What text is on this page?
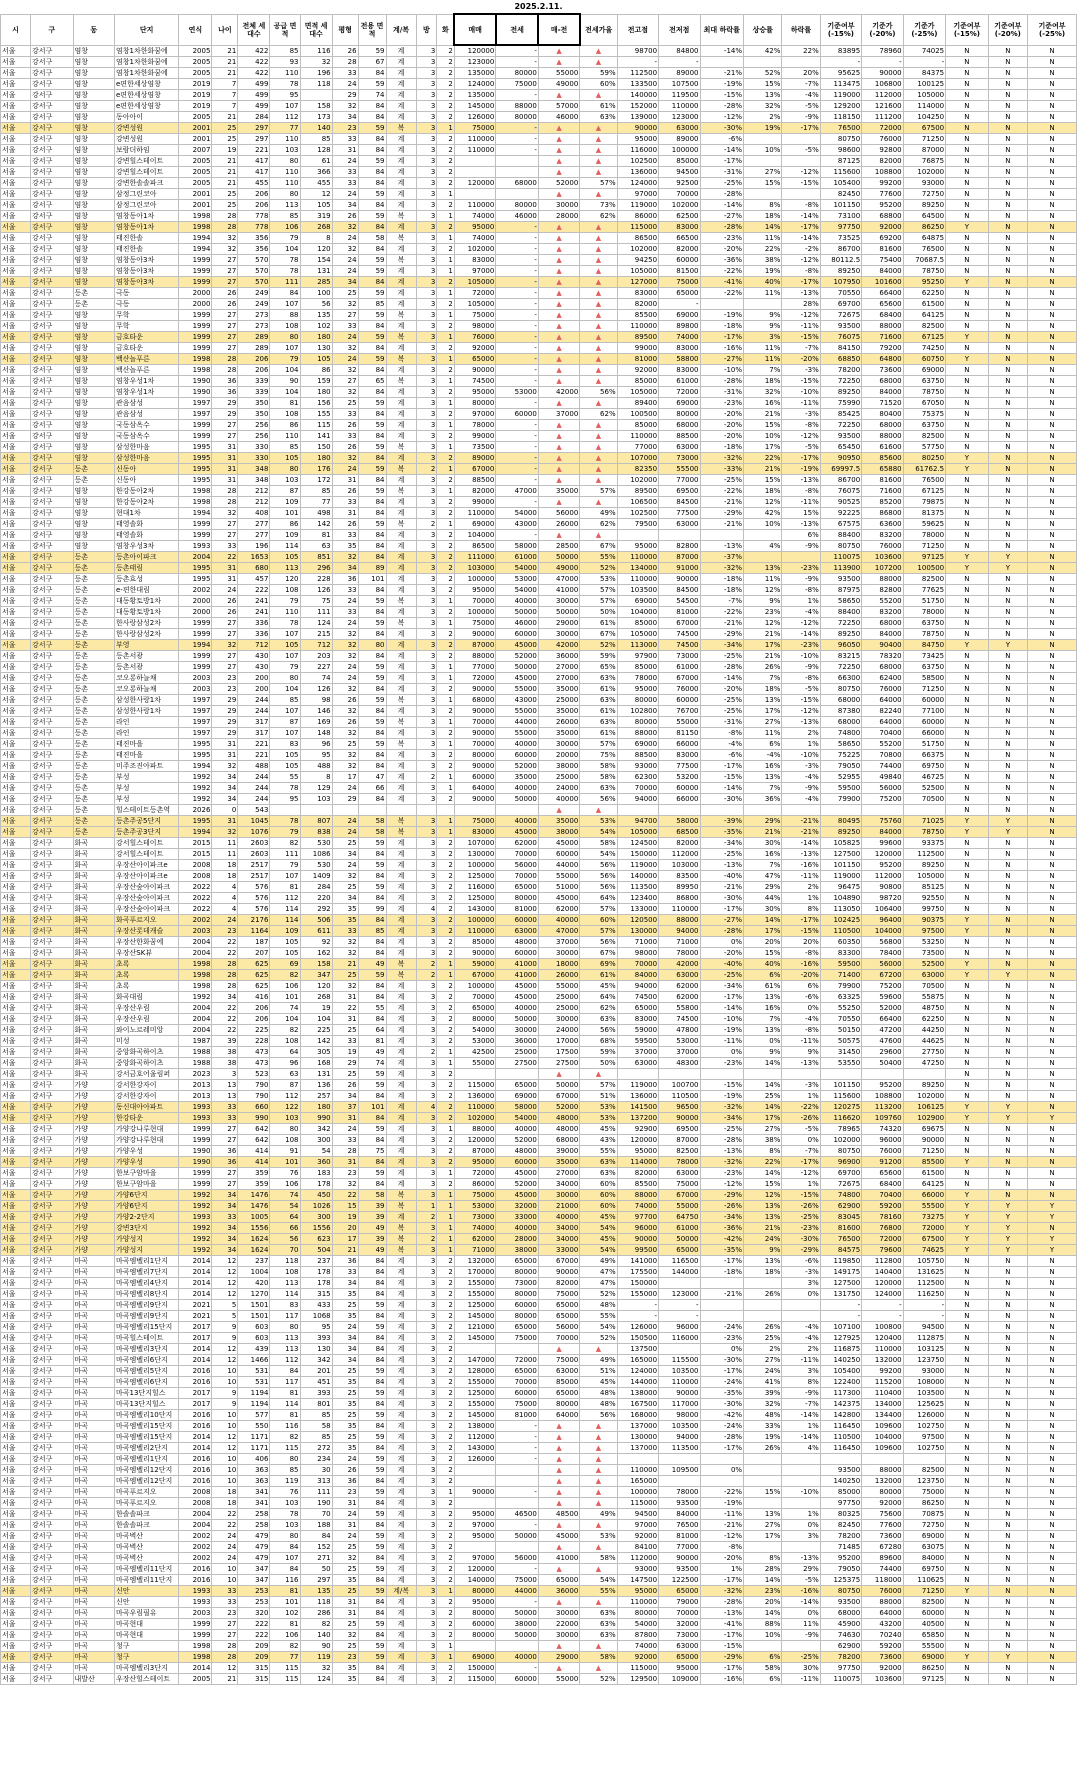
2025.2.11.
시	구	동	단지	연식	나이	전체 세대수	공급 면적	면적 세대수	평형	전용 면적	계/복	방	화	매매	전세	매-전	전세가율	전고점	전저점	최대 하락률	상승률	하락률	기준여부 (-15%)	기준가 (-20%)	기준가 (-25%)	기준여부 (-15%)	기준여부 (-20%)	기준여부 (-25%)
서울	강서구	염창	염창1차한화꿈에	2005	21	422	85	116	26	59	계	3	2	120000	-	▲	▲	98700	84800	-14%	42%	22%	83895	78960	74025	N	N	N
서울	강서구	염창	염창1차한화꿈에	2005	21	422	93	32	28	67	계	3	2	123000	-	▲	▲	-	-				-	-	-	N	N	N
서울	강서구	염창	염창1차한화꿈에	2005	21	422	110	196	33	84	계	3	2	135000	80000	55000	59%	112500	89000	-21%	52%	20%	95625	90000	84375	N	N	N
서울	강서구	염창	e편한세상염창	2019	7	499	78	118	24	59	계	3	2	124000	75000	49000	60%	133500	107500	-19%	15%	-7%	113475	106800	100125	N	N	N
서울	강서구	염창	e편한세상염창	2019	7	499	95		29	74	계	3	2	135000	-	▲	▲	140000	119500	-15%	13%	-4%	119000	112000	105000	N	N	N
서울	강서구	염창	e편한세상염창	2019	7	499	107	158	32	84	계	3	2	145000	88000	57000	61%	152000	110000	-28%	32%	-5%	129200	121600	114000	N	N	N
서울	강서구	염창	동아아이	2005	21	284	112	173	34	84	계	3	2	126000	80000	46000	63%	139000	123000	-12%	2%	-9%	118150	111200	104250	N	N	N
서울	강서구	염창	강변성원	2001	25	297	77	140	23	59	복	3	1	75000	-	▲	▲	90000	63000	-30%	19%	-17%	76500	72000	67500	N	N	N
서울	강서구	염창	강변성원	2001	25	297	110	85	33	84	계	3	2	110000	-	▲	▲	95000	89000	-6%			80750	76000	71250	N	N	N
서울	강서구	염창	보람더하임	2007	19	221	103	128	31	84	계	3	2	110000	-	▲	▲	116000	100000	-14%	10%	-5%	98600	92800	87000	N	N	N
서울	강서구	염창	강변힐스테이트	2005	21	417	80	61	24	59	계	3	2			▲	▲	102500	85000	-17%			87125	82000	76875	N	N	N
서울	강서구	염창	강변힐스테이트	2005	21	417	110	366	33	84	계	3	2			▲	▲	136000	94500	-31%	27%	-12%	115600	108800	102000	N	N	N
서울	강서구	염창	강변한솔솔파크	2005	21	455	110	455	33	84	계	3	2	120000	68000	52000	57%	124000	92500	-25%	15%	-15%	105400	99200	93000	N	N	N
서울	강서구	염창	삼정그린코아	2001	25	206	80	12	24	59	계	3	1			▲	▲	97000	70000	-28%			82450	77600	72750	N	N	N
서울	강서구	염창	삼정그린코아	2001	25	206	113	105	34	84	계	3	2	110000	80000	30000	73%	119000	102000	-14%	8%	-8%	101150	95200	89250	N	N	N
서울	강서구	염창	염창동아1차	1998	28	778	85	319	26	59	복	3	1	74000	46000	28000	62%	86000	62500	-27%	18%	-14%	73100	68800	64500	N	N	N
서울	강서구	염창	염창동아1차	1998	28	778	106	268	32	84	계	3	2	95000	-	▲	▲	115000	83000	-28%	14%	-17%	97750	92000	86250	Y	N	N
서울	강서구	염창	태진한솔	1994	32	356	79	8	24	58	복	3	1	74000	-	▲	▲	86500	66500	-23%	11%	-14%	73525	69200	64875	N	N	N
서울	강서구	염창	태진한솔	1994	32	356	104	120	32	84	계	3	2	102000	-	▲	▲	102000	82000	-20%	22%	-2%	86700	81600	76500	N	N	N
서울	강서구	염창	염창동아3차	1999	27	570	78	154	24	59	복	3	1	83000	-	▲	▲	94250	60000	-36%	38%	-12%	80112.5	75400	70687.5	N	N	N
서울	강서구	염창	염창동아3차	1999	27	570	78	131	24	59	계	3	1	97000	-	▲	▲	105000	81500	-22%	19%	-8%	89250	84000	78750	N	N	N
서울	강서구	염창	염창동아3차	1999	27	570	111	285	34	84	계	3	2	105000	-	▲	▲	127000	75000	-41%	40%	-17%	107950	101600	95250	Y	N	N
서울	강서구	등촌	극동	2000	26	249	84	100	25	59	계	3	1	72000	-	▲	▲	83000	65000	-22%	11%	-13%	70550	66400	62250	N	N	N
서울	강서구	등촌	극동	2000	26	249	107	56	32	85	계	3	2	105000	-	▲	▲	82000	-			28%	69700	65600	61500	N	N	N
서울	강서구	염창	무학	1999	27	273	88	135	27	59	복	3	1	75000	-	▲	▲	85500	69000	-19%	9%	-12%	72675	68400	64125	N	N	N
서울	강서구	염창	무학	1999	27	273	108	102	33	84	계	3	2	98000	-	▲	▲	110000	89800	-18%	9%	-11%	93500	88000	82500	N	N	N
서울	강서구	염창	금호타운	1999	27	289	80	180	24	59	복	3	1	76000	-	▲	▲	89500	74000	-17%	3%	-15%	76075	71600	67125	Y	N	N
서울	강서구	염창	금호타운	1999	27	289	107	130	32	84	계	3	2	92000	-	▲	▲	99000	83000	-16%	11%	-7%	84150	79200	74250	N	N	N
서울	강서구	염창	백산놀푸른	1998	28	206	79	105	24	59	복	3	1	65000	-	▲	▲	81000	58800	-27%	11%	-20%	68850	64800	60750	Y	N	N
서울	강서구	염창	백산놀푸른	1998	28	206	104	86	32	84	계	3	2	90000	-	▲	▲	92000	83000	-10%	7%	-3%	78200	73600	69000	N	N	N
서울	강서구	염창	염창우성1차	1990	36	339	90	159	27	65	복	3	1	74500	-	▲	▲	85000	61000	-28%	18%	-15%	72250	68000	63750	N	N	N
서울	강서구	염창	염창우성1차	1990	36	339	104	180	32	84	계	3	2	95000	53000	42000	56%	105000	72000	-31%	32%	-10%	89250	84000	78750	N	N	N
서울	강서구	염창	관음삼성	1997	29	350	81	156	25	59	계	3	1	80000	-	▲	▲	89400	69000	-23%	16%	-11%	75990	71520	67050	N	N	N
서울	강서구	염창	관음삼성	1997	29	350	108	155	33	84	계	3	2	97000	60000	37000	62%	100500	80000	-20%	21%	-3%	85425	80400	75375	N	N	N
서울	강서구	염창	국동삼옥수	1999	27	256	86	115	26	59	계	3	1	78000	-	▲	▲	85000	68000	-20%	15%	-8%	72250	68000	63750	N	N	N
서울	강서구	염창	국동삼옥수	1999	27	256	110	141	33	84	계	3	2	99000	-	▲	▲	110000	88500	-20%	10%	-12%	93500	88000	82500	N	N	N
서울	강서구	염창	삼성한마음	1995	31	330	85	150	26	59	복	3	1	73500	-	▲	▲	77000	63000	-18%	17%	-5%	65450	61600	57750	N	N	N
서울	강서구	염창	삼성한마음	1995	31	330	105	180	32	84	계	3	2	89000	-	▲	▲	107000	73000	-32%	22%	-17%	90950	85600	80250	Y	N	N
서울	강서구	등촌	신동아	1995	31	348	80	176	24	59	복	2	1	67000	-	▲	▲	82350	55500	-33%	21%	-19%	69997.5	65880	61762.5	Y	N	N
서울	강서구	등촌	신동아	1995	31	348	103	172	31	84	계	3	2	88500	-	▲	▲	102000	77000	-25%	15%	-13%	86700	81600	76500	N	N	N
서울	강서구	염창	한강동아2차	1998	28	212	87	85	26	59	복	3	1	82000	47000	35000	57%	89500	69500	-22%	18%	-8%	76075	71600	67125	N	N	N
서울	강서구	염창	한강동아2차	1998	28	212	109	77	33	84	계	3	2	99000	-	▲	▲	106500	84500	-21%	12%	-11%	90525	85200	79875	N	N	N
서울	강서구	염창	현대1차	1994	32	408	101	498	31	84	계	3	2	110000	54000	56000	49%	102500	77500	-29%	42%	15%	92225	86800	81375	N	N	N
서울	강서구	염창	태영솔화	1999	27	277	86	142	26	59	복	2	1	69000	43000	26000	62%	79500	63000	-21%	10%	-13%	67575	63600	59625	N	N	N
서울	강서구	염창	태영솔화	1999	27	277	109	81	33	84	계	3	2	104000	-	▲	▲					6%	88400	83200	78000	N	N	N
서울	강서구	염창	염창우성3차	1993	33	196	114	63	35	84	계	3	2	86500	58000	28500	67%	95000	82800	-13%	4%	-9%	80750	76000	71250	N	N	N
서울	강서구	등촌	등촌아이파크	2004	22	1653	105	851	32	84	계	3	2	111000	61000	50000	55%	110000	87000	-37%			110075	103600	97125	Y	Y	N
서울	강서구	등촌	등촌태림	1995	31	680	113	296	34	89	계	3	2	103000	54000	49000	52%	134000	91000	-32%	13%	-23%	113900	107200	100500	Y	Y	N
서울	강서구	등촌	등촌효성	1995	31	457	120	228	36	101	계	3	2	100000	53000	47000	53%	110000	90000	-18%	11%	-9%	93500	88000	82500	N	N	N
서울	강서구	등촌	e-편한대림	2002	24	222	108	126	33	84	계	3	2	95000	54000	41000	57%	103500	84500	-18%	12%	-8%	87975	82800	77625	N	N	N
서울	강서구	등촌	대동황토방1차	2000	26	241	79	75	24	59	복	3	1	70000	40000	30000	57%	69000	54500	-7%	9%	1%	58650	55200	51750	N	N	N
서울	강서구	등촌	대동황토방1차	2000	26	241	110	111	33	84	계	3	2	100000	50000	50000	50%	104000	81000	-22%	23%	-4%	88400	83200	78000	N	N	N
서울	강서구	등촌	한사랑삼성2차	1999	27	336	78	124	24	59	복	3	1	75000	46000	29000	61%	85000	67000	-21%	12%	-12%	72250	68000	63750	N	N	N
서울	강서구	등촌	한사랑삼성2차	1999	27	336	107	215	32	84	계	3	2	90000	60000	30000	67%	105000	74500	-29%	21%	-14%	89250	84000	78750	N	N	N
서울	강서구	등촌	부영	1994	32	712	105	712	32	80	계	3	2	87000	45000	42000	52%	113000	74500	-34%	17%	-23%	96050	90400	84750	Y	Y	N
서울	강서구	등촌	등촌서광	1999	27	430	107	203	32	84	계	3	2	88000	52000	36000	59%	97900	73000	-25%	21%	-10%	83215	78320	73425	N	N	N
서울	강서구	등촌	등촌서광	1999	27	430	79	227	24	59	계	3	1	77000	50000	27000	65%	85000	61000	-28%	26%	-9%	72250	68000	63750	N	N	N
서울	강서구	등촌	코오롱하늘채	2003	23	200	80	74	24	59	계	3	1	72000	45000	27000	63%	78000	67000	-14%	7%	-8%	66300	62400	58500	N	N	N
서울	강서구	등촌	코오롱하늘채	2003	23	200	104	126	32	84	계	3	2	90000	55000	35000	61%	95000	76000	-20%	18%	-5%	80750	76000	71250	N	N	N
서울	강서구	등촌	삼성한사랑1차	1997	29	244	85	98	26	59	복	3	1	68000	43000	25000	63%	80000	60000	-25%	13%	-15%	68000	64000	60000	N	N	N
서울	강서구	등촌	삼성한사랑1차	1997	29	244	107	146	32	84	계	3	2	90000	55000	35000	61%	102800	76700	-25%	17%	-12%	87380	82240	77100	N	N	N
서울	강서구	등촌	라인	1997	29	317	87	169	26	59	복	3	1	70000	44000	26000	63%	80000	55000	-31%	27%	-13%	68000	64000	60000	N	N	N
서울	강서구	등촌	라인	1997	29	317	107	148	32	84	계	3	2	90000	55000	35000	61%	88000	81150	-8%	11%	2%	74800	70400	66000	N	N	N
서울	강서구	등촌	태진마을	1995	31	221	83	96	25	59	복	3	1	70000	40000	30000	57%	69000	66000	-4%	6%	1%	58650	55200	51750	N	N	N
서울	강서구	등촌	태진마을	1995	31	221	105	95	32	84	계	3	2	80000	60000	20000	75%	88500	83000	-6%	-4%	-10%	75225	70800	66375	N	N	N
서울	강서구	등촌	미주조진아파트	1994	32	488	105	488	32	84	계	3	2	90000	52000	38000	58%	93000	77500	-17%	16%	-3%	79050	74400	69750	N	N	N
서울	강서구	등촌	부성	1992	34	244	55	8	17	47	계	2	1	60000	35000	25000	58%	62300	53200	-15%	13%	-4%	52955	49840	46725	N	N	N
서울	강서구	등촌	부성	1992	34	244	78	129	24	66	계	3	1	64000	40000	24000	63%	70000	60000	-14%	7%	-9%	59500	56000	52500	N	N	N
서울	강서구	등촌	부성	1992	34	244	95	103	29	84	계	3	2	90000	50000	40000	56%	94000	66000	-30%	36%	-4%	79900	75200	70500	N	N	N
서울	강서구	등촌	힐스테이트등촌역	2026	0	543										▲	▲									N	N	N
서울	강서구	등촌	등촌주공5단지	1995	31	1045	78	807	24	58	복	3	1	75000	40000	35000	53%	94700	58000	-39%	29%	-21%	80495	75760	71025	Y	Y	N
서울	강서구	등촌	등촌주공3단지	1994	32	1076	79	838	24	58	복	3	1	83000	45000	38000	54%	105000	68500	-35%	21%	-21%	89250	84000	78750	Y	Y	N
서울	강서구	화곡	강서힐스테이트	2015	11	2603	82	530	25	59	계	3	2	107000	62000	45000	58%	124500	82000	-34%	30%	-14%	105825	99600	93375	N	N	N
서울	강서구	화곡	강서힐스테이트	2015	11	2603	111	1086	34	84	계	3	2	130000	70000	60000	54%	150000	112000	-25%	16%	-13%	127500	120000	112500	N	N	N
서울	강서구	화곡	우장산아이파크e	2008	18	2517	79	530	24	59	계	3	2	100000	56000	44000	56%	119000	103000	-13%	7%	-16%	101150	95200	89250	N	N	N
서울	강서구	화곡	우장산아이파크e	2008	18	2517	107	1409	32	84	계	3	2	125000	70000	55000	56%	140000	83500	-40%	47%	-11%	119000	112000	105000	N	N	N
서울	강서구	화곡	우장산숲아이파크	2022	4	576	81	284	25	59	계	3	2	116000	65000	51000	56%	113500	89950	-21%	29%	2%	96475	90800	85125	N	N	N
서울	강서구	화곡	우장산숲아이파크	2022	4	576	112	220	34	84	계	3	2	125000	80000	45000	64%	123400	86800	-30%	44%	1%	104890	98720	92550	N	N	N
서울	강서구	화곡	우장산숲아이파크	2022	4	576	114	292	35	99	계	4	2	143000	81000	62000	57%	133000	110000	-17%	30%	8%	113050	106400	99750	N	N	N
서울	강서구	화곡	화곡푸르지오	2002	24	2176	114	506	35	84	계	3	2	100000	60000	40000	60%	120500	88000	-27%	14%	-17%	102425	96400	90375	Y	N	N
서울	강서구	화곡	우장산롯데캐슬	2003	23	1164	109	611	33	85	계	3	2	110000	63000	47000	57%	130000	94000	-28%	17%	-15%	110500	104000	97500	Y	N	N
서울	강서구	화곡	우장산한화꿈에	2004	22	187	105	92	32	84	계	3	2	85000	48000	37000	56%	71000	71000	0%	20%	20%	60350	56800	53250	N	N	N
서울	강서구	화곡	우장산SK뷰	2004	22	207	105	162	32	84	계	3	2	90000	60000	30000	67%	98000	78000	-20%	15%	-8%	83300	78400	73500	N	N	N
서울	강서구	화곡	초록	1998	28	625	69	158	21	49	복	2	1	59000	41000	18000	69%	70000	42000	-40%	40%	-16%	59500	56000	52500	Y	N	N
서울	강서구	화곡	초록	1998	28	625	82	347	25	59	복	2	1	67000	41000	26000	61%	84000	63000	-25%	6%	-20%	71400	67200	63000	Y	Y	N
서울	강서구	화곡	초록	1998	28	625	106	120	32	84	계	3	2	100000	45000	55000	45%	94000	62000	-34%	61%	6%	79900	75200	70500	N	N	N
서울	강서구	화곡	화곡대림	1992	34	416	101	268	31	84	계	3	2	70000	45000	25000	64%	74500	62000	-17%	13%	-6%	63325	59600	55875	N	N	N
서울	강서구	화곡	우장산우림	2004	22	206	74	19	22	55	계	3	2	65000	40000	25000	62%	65000	55800	-14%	16%	0%	55250	52000	48750	N	N	N
서울	강서구	화곡	우장산우림	2004	22	206	104	104	31	84	계	3	2	80000	50000	30000	63%	83000	74500	-10%	7%	-4%	70550	66400	62250	N	N	N
서울	강서구	화곡	와이노르레미앙	2004	22	225	82	225	25	64	계	3	2	54000	30000	24000	56%	59000	47800	-19%	13%	-8%	50150	47200	44250	N	N	N
서울	강서구	화곡	미성	1987	39	228	108	142	33	81	계	3	2	53000	36000	17000	68%	59500	53000	-11%	0%	-11%	50575	47600	44625	N	N	N
서울	강서구	화곡	중앙화곡하이츠	1988	38	473	64	305	19	49	계	2	1	42500	25000	17500	59%	37000	37000	0%	9%	9%	31450	29600	27750	N	N	N
서울	강서구	화곡	중앙화곡하이츠	1988	38	473	96	168	29	74	계	3	1	55000	27500	27500	50%	63000	48300	-23%	14%	-13%	53550	50400	47250	N	N	N
서울	강서구	화곡	강서금호어울림퍼	2023	3	523	63	131	25	59	계	3	2			▲	▲									N	N	N
서울	강서구	가양	강서한강자이	2013	13	790	87	136	26	59	계	3	2	115000	65000	50000	57%	119000	100700	-15%	14%	-3%	101150	95200	89250	N	N	N
서울	강서구	가양	강서한강자이	2013	13	790	112	257	34	84	계	3	2	136000	69000	67000	51%	136000	110500	-19%	25%	1%	115600	108800	102000	N	N	N
서울	강서구	가양	동신대아아파트	1993	33	660	122	180	37	101	계	4	2	110000	58000	52000	53%	141500	96500	-32%	14%	-22%	120275	113200	106125	Y	Y	N
서울	강서구	가양	한강타운	1993	33	990	103	990	31	84	계	3	2	102000	54000	48000	53%	137200	90000	-34%	17%	-26%	116620	109760	102900	Y	Y	Y
서울	강서구	가양	가양강나루현대	1999	27	642	80	342	24	59	계	3	1	88000	40000	48000	45%	92900	69500	-25%	27%	-5%	78965	74320	69675	N	N	N
서울	강서구	가양	가양강나루현대	1999	27	642	108	300	33	84	계	3	2	120000	52000	68000	43%	120000	87000	-28%	38%	0%	102000	96000	90000	N	N	N
서울	강서구	가양	가양우성	1990	36	414	91	54	28	75	계	3	2	87000	48000	39000	55%	95000	82500	-13%	8%	-7%	80750	76000	71250	N	N	N
서울	강서구	가양	가양우성	1990	36	414	101	360	31	84	계	3	2	95000	60000	35000	63%	114000	78000	-32%	22%	-17%	96900	91200	85500	Y	N	N
서울	강서구	가양	한보구암마을	1999	27	359	76	183	23	59	계	3	1	72000	45000	27000	63%	82000	63000	-23%	14%	-12%	69700	65600	61500	N	N	N
서울	강서구	가양	한보구암마을	1999	27	359	106	178	32	84	계	3	2	86000	52000	34000	60%	85500	75000	-12%	15%	1%	72675	68400	64125	N	N	N
서울	강서구	가양	가양6단지	1992	34	1476	74	450	22	58	복	3	1	75000	45000	30000	60%	88000	67000	-29%	12%	-15%	74800	70400	66000	Y	N	N
서울	강서구	가양	가양6단지	1992	34	1476	54	1026	15	39	복	1	1	53000	32000	21000	60%	74000	55000	-26%	13%	-26%	62900	59200	55500	Y	Y	Y
서울	강서구	가양	가양2-2단지	1993	33	1005	64	300	19	39	계	2	1	73000	33000	40000	45%	97700	64750	-34%	13%	-25%	83045	78160	73275	Y	Y	Y
서울	강서구	가양	강변3단지	1992	34	1556	66	1556	20	49	복	3	1	74000	40000	34000	54%	96000	61000	-36%	21%	-23%	81600	76800	72000	Y	Y	N
서울	강서구	가양	가양성지	1992	34	1624	56	623	17	39	복	2	1	62000	28000	34000	45%	90000	50000	-42%	24%	-30%	76500	72000	67500	Y	Y	Y
서울	강서구	가양	가양성지	1992	34	1624	70	504	21	49	복	3	1	71000	38000	33000	54%	99500	65000	-35%	9%	-29%	84575	79600	74625	Y	Y	Y
서울	강서구	마곡	마곡엠벨리1단지	2014	12	237	118	237	36	84	계	3	2	132000	65000	67000	49%	141000	116500	-17%	13%	-6%	119850	112800	105750	N	N	N
서울	강서구	마곡	마곡엠벨리7단지	2014	12	1004	108	178	33	84	계	3	2	170000	80000	90000	47%	175500	144000	-18%	18%	-3%	149175	140400	131625	N	N	N
서울	강서구	마곡	마곡엠벨리4단지	2014	12	420	113	178	34	84	계	3	2	155000	73000	82000	47%	150000				3%	127500	120000	112500	N	N	N
서울	강서구	마곡	마곡엠벨리8단지	2014	12	1270	114	315	35	84	계	3	2	155000	80000	75000	52%	155000	123000	-21%	26%	0%	131750	124000	116250	N	N	N
서울	강서구	마곡	마곡엠벨리9단지	2021	5	1501	83	433	25	59	계	3	2	125000	60000	65000	48%	-	-				-	-	-	N	N	N
서울	강서구	마곡	마곡엠벨리9단지	2021	5	1501	117	1068	35	84	계	3	2	145000	80000	65000	55%	-	-				-	-	-	N	N	N
서울	강서구	마곡	마곡엠벨리15단지	2017	9	603	80	95	24	59	계	3	2	121000	65000	56000	54%	126000	96000	-24%	26%	-4%	107100	100800	94500	N	N	N
서울	강서구	마곡	마곡힐스테이트	2017	9	603	113	393	34	84	계	3	2	145000	75000	70000	52%	150500	116000	-23%	25%	-4%	127925	120400	112875	N	N	N
서울	강서구	마곡	마곡엠벨리3단지	2014	12	439	113	130	34	84	계	3	2			▲	▲	137500		0%	2%	2%	116875	110000	103125	N	N	N
서울	강서구	마곡	마곡엠벨리6단지	2014	12	1466	112	342	34	84	계	3	2	147000	72000	75000	49%	165000	115500	-30%	27%	-11%	140250	132000	123750	N	N	N
서울	강서구	마곡	마곡엠벨리5단지	2016	10	531	84	201	25	59	계	3	2	128000	65000	63000	51%	124000	103500	-17%	24%	3%	105400	99200	93000	N	N	N
서울	강서구	마곡	마곡엠벨리6단지	2016	10	531	117	451	35	84	계	3	2	155000	70000	85000	45%	144000	110000	-24%	41%	8%	122400	115200	108000	N	N	N
서울	강서구	마곡	마곡13단지힐스	2017	9	1194	81	393	25	59	계	3	2	125000	60000	65000	48%	138000	90000	-35%	39%	-9%	117300	110400	103500	N	N	N
서울	강서구	마곡	마곡13단지힐스	2017	9	1194	114	801	35	84	계	3	2	155000	75000	80000	48%	167500	117000	-30%	32%	-7%	142375	134000	125625	N	N	N
서울	강서구	마곡	마곡엠벨리10단지	2016	10	577	81	85	25	59	계	3	2	145000	81000	64000	56%	168000	98000	-42%	48%	-14%	142800	134400	126000	N	N	N
서울	강서구	마곡	마곡엠벨리15단지	2016	10	550	116	58	35	84	계	3	2	138000	-	▲	▲	137000	103500	-24%	33%	1%	116450	109600	102750	N	N	N
서울	강서구	마곡	마곡엠벨리15단지	2014	12	1171	82	85	25	59	계	3	2	112000	-	▲	▲	130000	94000	-28%	19%	-14%	110500	104000	97500	N	N	N
서울	강서구	마곡	마곡엠벨리2단지	2014	12	1171	115	272	35	84	계	3	2	143000	-	▲	▲	137000	113500	-17%	26%	4%	116450	109600	102750	N	N	N
서울	강서구	마곡	마곡엠벨리1단지	2016	10	406	80	234	24	59	계	3	2	126000	-	▲	▲									N	N	N
서울	강서구	마곡	마곡엠벨리12단지	2016	10	363	85	30	26	59	계	3	2			▲	▲	110000	109500	0%			93500	88000	82500	N	N	N
서울	강서구	마곡	마곡엠벨리12단지	2016	10	363	119	313	36	84	계	3	2			▲	▲	165000					140250	132000	123750	N	N	N
서울	강서구	마곡	마곡푸르지오	2008	18	341	76	111	23	59	계	3	1	90000	-	▲	▲	100000	78000	-22%	15%	-10%	85000	80000	75000	N	N	N
서울	강서구	마곡	마곡푸르지오	2008	18	341	103	190	31	84	계	3	2			▲	▲	115000	93500	-19%			97750	92000	86250	N	N	N
서울	강서구	마곡	한솔솔파크	2004	22	258	78	70	24	59	계	3	2	95000	46500	48500	49%	94500	84000	-11%	13%	1%	80325	75600	70875	N	N	N
서울	강서구	마곡	한솔솔파크	2004	22	258	103	188	31	84	계	3	2	97000	-	▲	▲	97000	76500	-21%	27%	0%	82450	77600	72750	N	N	N
서울	강서구	마곡	마곡벽산	2002	24	479	80	84	24	59	계	3	2	95000	50000	45000	53%	92000	81000	-12%	17%	3%	78200	73600	69000	N	N	N
서울	강서구	마곡	마곡벽산	2002	24	479	84	152	25	59	계	3	2			▲	▲	84100	77000	-8%			71485	67280	63075	N	N	N
서울	강서구	마곡	마곡벽산	2002	24	479	107	271	32	84	계	3	2	97000	56000	41000	58%	112000	90000	-20%	8%	-13%	95200	89600	84000	N	N	N
서울	강서구	마곡	마곡엠벨리11단지	2016	10	347	84	50	25	59	계	3	2	120000	-	▲	▲	93000	93500	1%	28%	29%	79050	74400	69750	N	N	N
서울	강서구	마곡	마곡엠벨리11단지	2016	10	347	116	297	35	84	계	3	2	140000	75000	65000	54%	147500	122500	-17%	14%	-5%	125375	118000	110625	N	N	N
서울	강서구	마곡	신안	1993	33	253	81	135	25	59	계/복	3	1	80000	44000	36000	55%	95000	65000	-32%	23%	-16%	80750	76000	71250	Y	N	N
서울	강서구	마곡	신안	1993	33	253	101	118	31	84	계	3	2	95000	-	▲	▲	110000	79000	-28%	20%	-14%	93500	88000	82500	N	N	N
서울	강서구	마곡	마곡우림필유	2003	23	320	102	286	31	84	계	3	2	80000	50000	30000	63%	80000	70000	-13%	14%	0%	68000	64000	60000	N	N	N
서울	강서구	마곡	마곡현대	1999	27	222	81	82	25	59	계	3	2	60000	38000	22000	63%	54000	32000	-41%	88%	11%	45900	43200	40500	N	N	N
서울	강서구	마곡	마곡현대	1999	27	222	106	140	32	84	계	3	2	80000	50000	30000	63%	87800	73000	-17%	10%	-9%	74630	70240	65850	N	N	N
서울	강서구	마곡	청구	1998	28	209	82	90	25	59	계	3	1			▲	▲	74000	63000	-15%			62900	59200	55500	N	N	N
서울	강서구	마곡	청구	1998	28	209	77	119	23	59	계	3	1	69000	40000	29000	58%	92000	65000	-29%	6%	-25%	78200	73600	69000	Y	Y	N
서울	강서구	마곡	마곡엠벨리3단지	2014	12	315	115	32	35	84	계	3	2	150000	-	▲	▲	115000	95000	-17%	58%	30%	97750	92000	86250	N	N	N
서울	강서구	내발산	우장산힐스테이트	2005	21	315	115	124	35	84	계	3	2	115000	60000	55000	52%	129500	109000	-16%	6%	-11%	110075	103600	97125	N	N	N
